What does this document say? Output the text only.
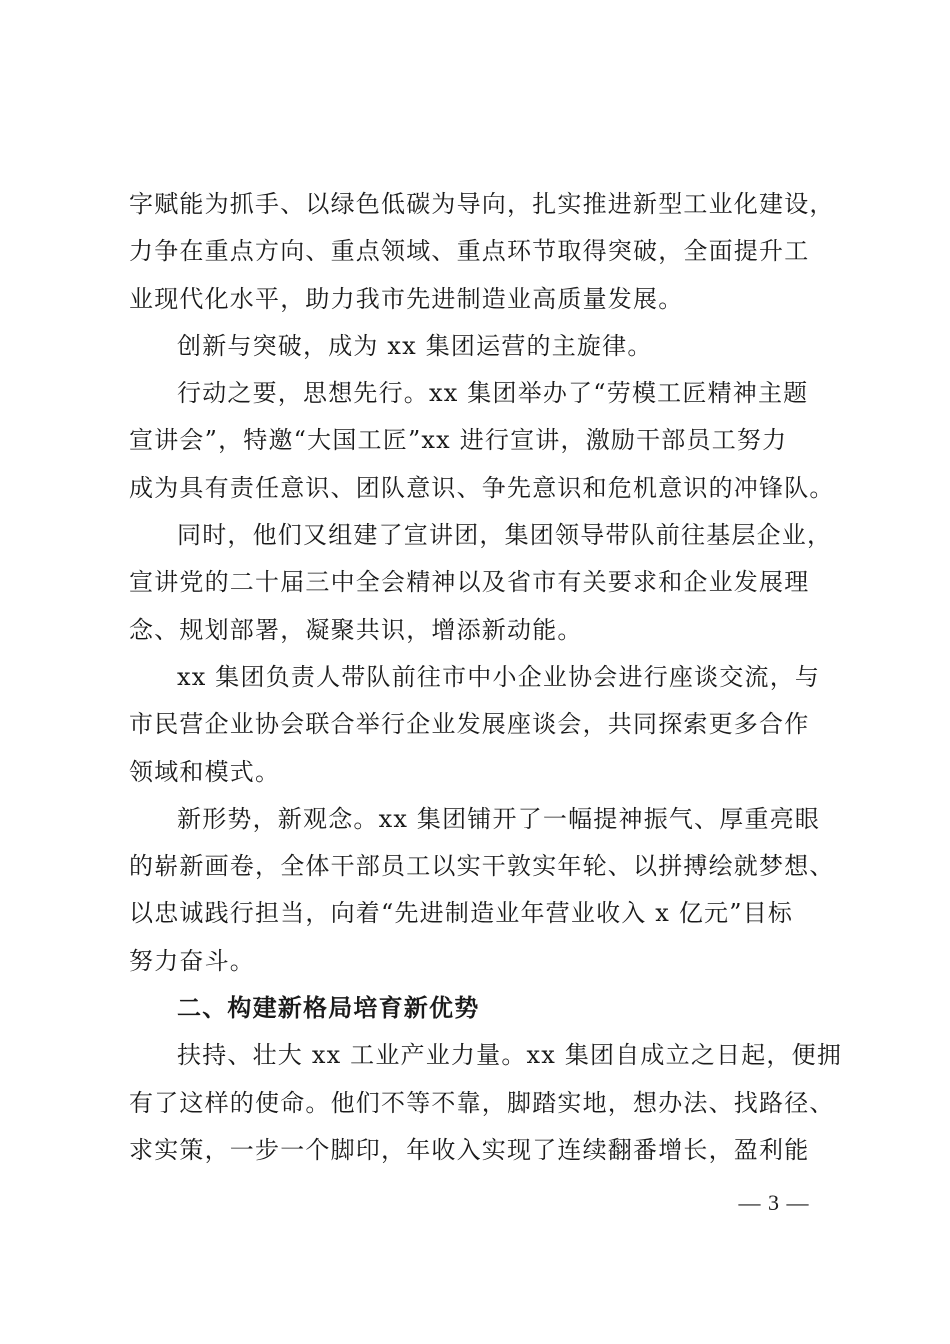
字赋能为抓手、以绿色低碳为导向，扎实推进新型工业化建设，
力争在重点方向、重点领域、重点环节取得突破，全面提升工
业现代化水平，助力我市先进制造业高质量发展。

创新与突破，成为 xx 集团运营的主旋律。

行动之要，思想先行。xx 集团举办了“劳模工匠精神主题
宣讲会”，特邀“大国工匠”xx 进行宣讲，激励干部员工努力
成为具有责任意识、团队意识、争先意识和危机意识的冲锋队。

同时，他们又组建了宣讲团，集团领导带队前往基层企业，
宣讲党的二十届三中全会精神以及省市有关要求和企业发展理
念、规划部署，凝聚共识，增添新动能。

xx 集团负责人带队前往市中小企业协会进行座谈交流，与
市民营企业协会联合举行企业发展座谈会，共同探索更多合作
领域和模式。

新形势，新观念。xx 集团铺开了一幅提神振气、厚重亮眼
的崭新画卷，全体干部员工以实干敦实年轮、以拼搏绘就梦想、
以忠诚践行担当，向着“先进制造业年营业收入 x 亿元”目标
努力奋斗。

二、构建新格局培育新优势

扶持、壮大 xx 工业产业力量。xx 集团自成立之日起，便拥
有了这样的使命。他们不等不靠，脚踏实地，想办法、找路径、
求实策，一步一个脚印，年收入实现了连续翻番增长，盈利能

— 3 —
